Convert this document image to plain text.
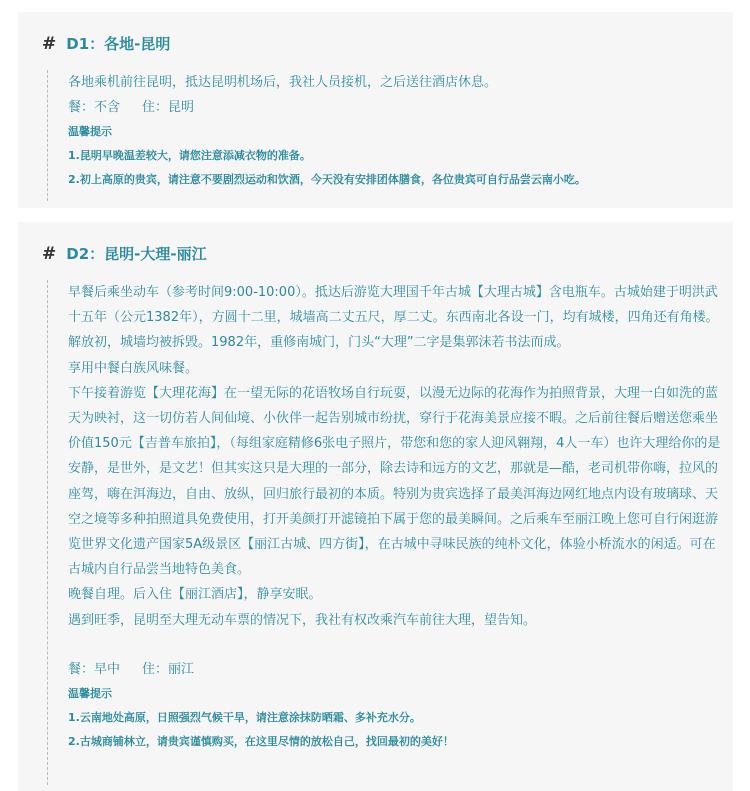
# D1：各地-昆明

各地乘机前往昆明，抵达昆明机场后，我社人员接机，之后送往酒店休息。

餐：不含 住：昆明
温馨提示
1.昆明早晚温差较大，请您注意添减衣物的准备。
2.初上高原的贵宾，请注意不要剧烈运动和饮酒，今天没有安排团体膳食，各位贵宾可自行品尝云南小吃。
# D2：昆明-大理-丽江

早餐后乘坐动车（参考时间9:00-10:00）。抵达后游览大理国千年古城【大理古城】含电瓶车。古城始建于明洪武十五年（公元1382年），方圆十二里，城墙高二丈五尺，厚二丈。东西南北各设一门，均有城楼，四角还有角楼。解放初，城墙均被拆毁。1982年，重修南城门，门头“大理”二字是集郭沫若书法而成。

享用中餐白族风味餐。

下午接着游览【大理花海】在一望无际的花语牧场自行玩耍，以漫无边际的花海作为拍照背景，大理一白如洗的蓝天为映衬，这一切仿若人间仙境、小伙伴一起告别城市纷扰，穿行于花海美景应接不暇。之后前往餐后赠送您乘坐价值150元【吉普车旅拍】，（每组家庭精修6张电子照片，带您和您的家人迎风翱翔，4人一车）也许大理给你的是安静，是世外，是文艺！但其实这只是大理的一部分，除去诗和远方的文艺，那就是—酷，老司机带你嗨，拉风的座驾，嗨在洱海边，自由、放纵，回归旅行最初的本质。特别为贵宾选择了最美洱海边网红地点内设有玻璃球、天空之境等多种拍照道具免费使用，打开美颜打开滤镜拍下属于您的最美瞬间。之后乘车至丽江晚上您可自行闲逛游览世界文化遗产国家5A级景区【丽江古城、四方街】，在古城中寻味民族的纯朴文化，体验小桥流水的闲适。可在古城内自行品尝当地特色美食。

晚餐自理。后入住【丽江酒店】，静享安眠。

遇到旺季，昆明至大理无动车票的情况下，我社有权改乘汽车前往大理，望告知。

餐：早中 住：丽江
温馨提示
1.云南地处高原，日照强烈气候干旱，请注意涂抹防晒霜、多补充水分。
2.古城商铺林立，请贵宾谨慎购买，在这里尽情的放松自己，找回最初的美好！
